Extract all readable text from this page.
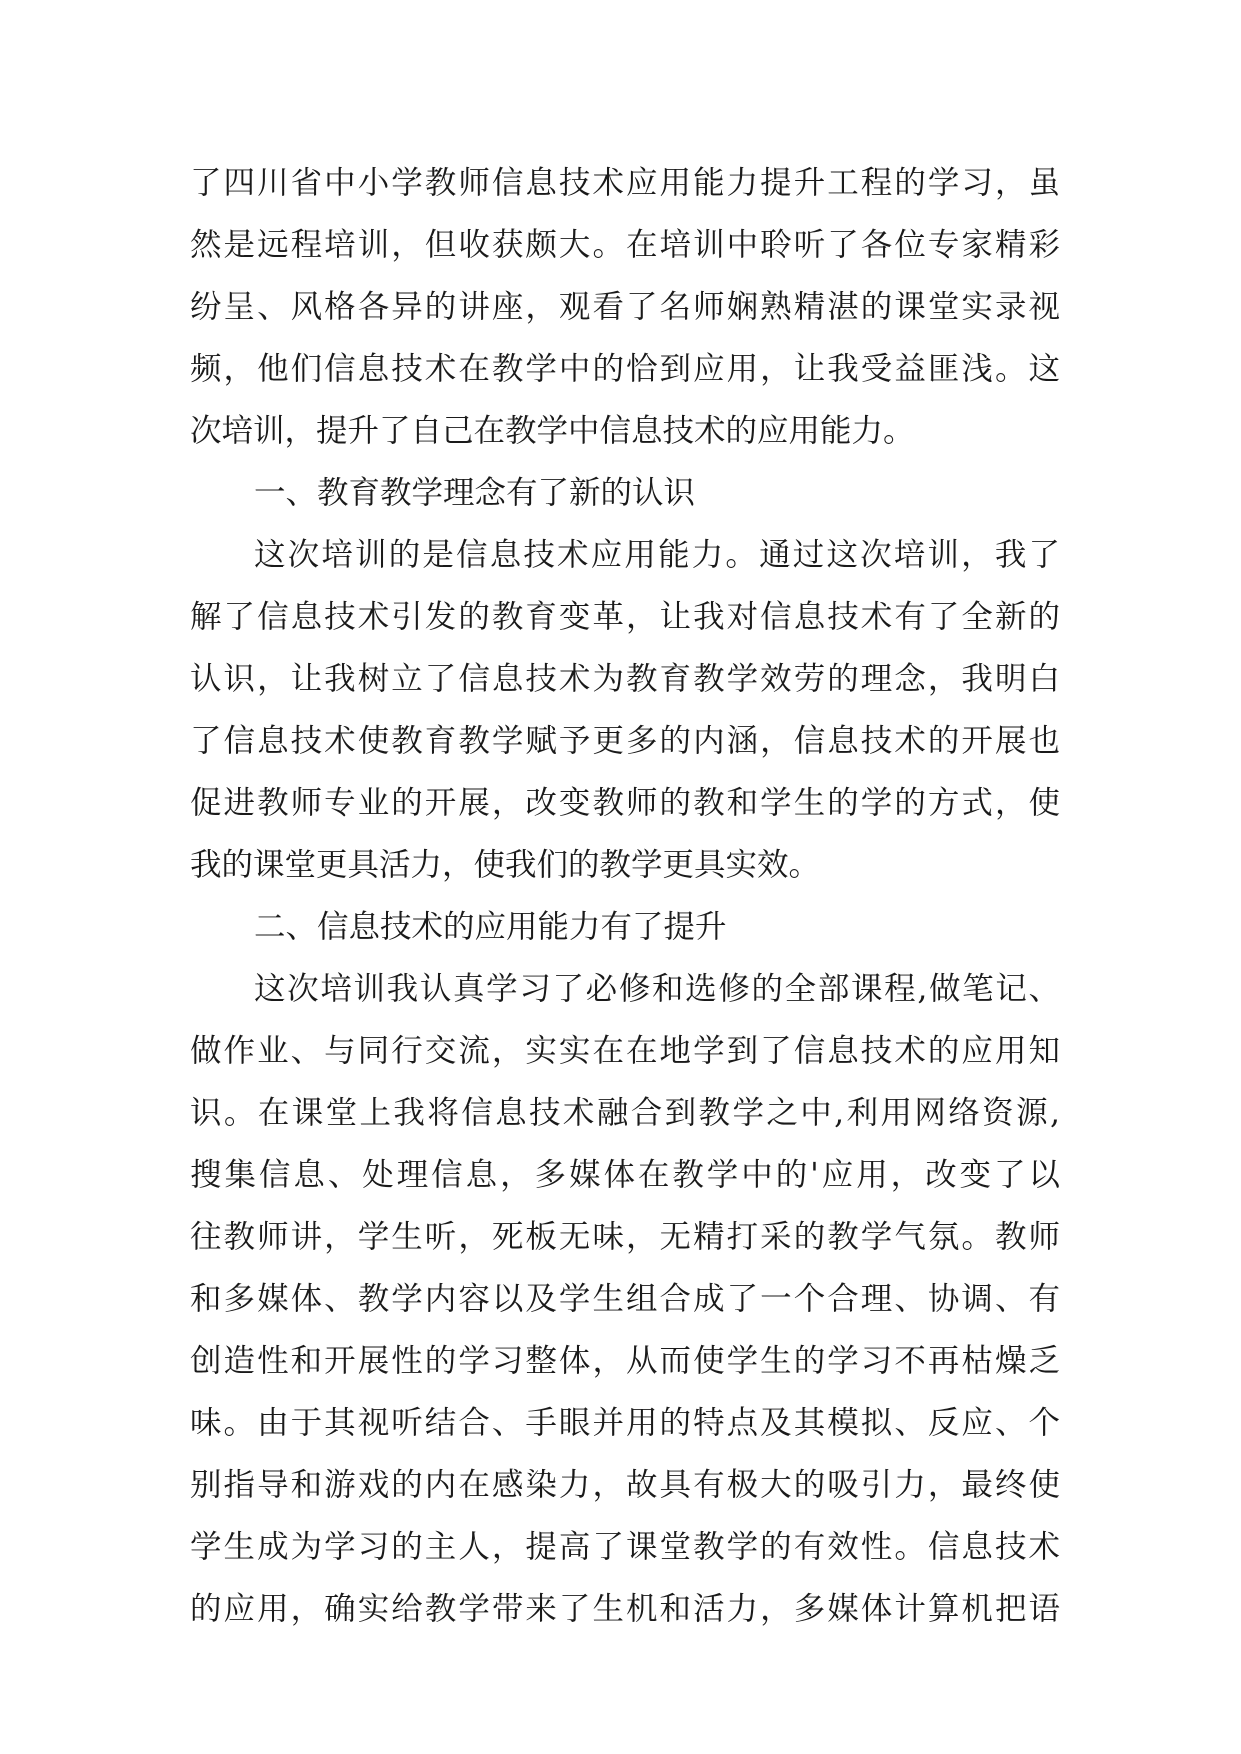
了四川省中小学教师信息技术应用能力提升工程的学习，虽
然是远程培训，但收获颇大。在培训中聆听了各位专家精彩
纷呈、风格各异的讲座，观看了名师娴熟精湛的课堂实录视
频，他们信息技术在教学中的恰到应用，让我受益匪浅。这
次培训，提升了自己在教学中信息技术的应用能力。
一、教育教学理念有了新的认识
这次培训的是信息技术应用能力。通过这次培训，我了
解了信息技术引发的教育变革，让我对信息技术有了全新的
认识，让我树立了信息技术为教育教学效劳的理念，我明白
了信息技术使教育教学赋予更多的内涵，信息技术的开展也
促进教师专业的开展，改变教师的教和学生的学的方式，使
我的课堂更具活力，使我们的教学更具实效。
二、信息技术的应用能力有了提升
这次培训我认真学习了必修和选修的全部课程,做笔记、
做作业、与同行交流，实实在在地学到了信息技术的应用知
识。在课堂上我将信息技术融合到教学之中,利用网络资源,
搜集信息、处理信息，多媒体在教学中的'应用，改变了以
往教师讲，学生听，死板无味，无精打采的教学气氛。教师
和多媒体、教学内容以及学生组合成了一个合理、协调、有
创造性和开展性的学习整体，从而使学生的学习不再枯燥乏
味。由于其视听结合、手眼并用的特点及其模拟、反应、个
别指导和游戏的内在感染力，故具有极大的吸引力，最终使
学生成为学习的主人，提高了课堂教学的有效性。信息技术
的应用，确实给教学带来了生机和活力，多媒体计算机把语
